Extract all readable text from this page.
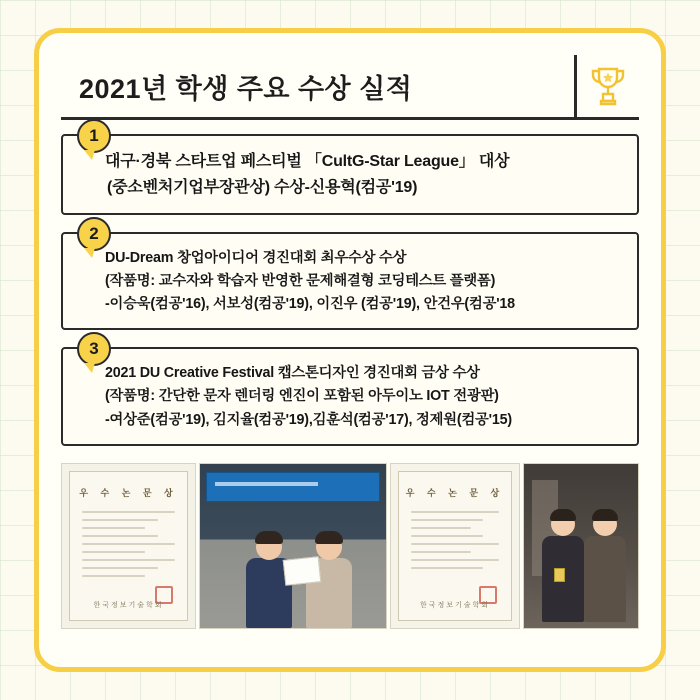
2021년 학생 주요 수상 실적
1
대구·경북 스타트업 페스티벌 「CultG-Star League」 대상
(중소벤처기업부장관상) 수상-신용혁(컴공'19)
2
DU-Dream 창업아이디어 경진대회 최우수상 수상
(작품명: 교수자와 학습자 반영한 문제해결형 코딩테스트 플랫폼)
-이승욱(컴공'16), 서보성(컴공'19), 이진우 (컴공'19), 안건우(컴공'18
3
2021 DU Creative Festival 캡스톤디자인 경진대회 금상 수상
(작품명: 간단한 문자 렌더링 엔진이 포함된 아두이노 IOT 전광판)
-여상준(컴공'19), 김지율(컴공'19),김훈석(컴공'17), 정제원(컴공'15)
우 수 논 문 상
한국정보기술학회
우 수 논 문 상
한국정보기술학회
